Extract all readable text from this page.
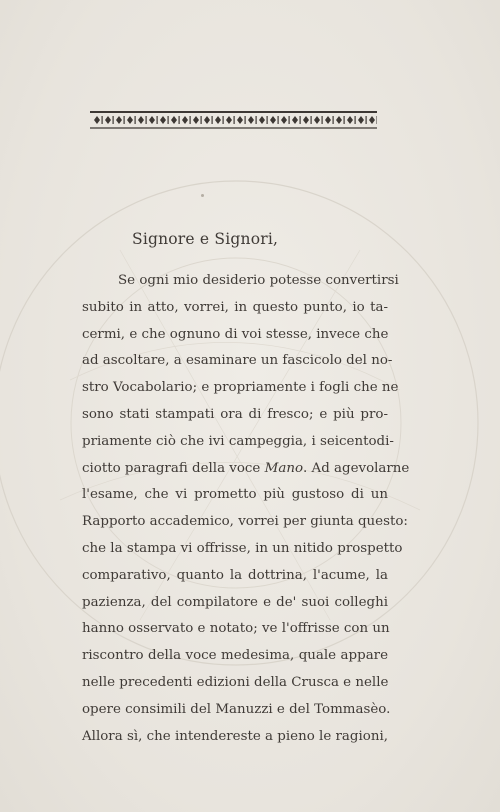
Signore e Signori,
Se ogni mio desiderio potesse convertirsi
subito in atto, vorrei, in questo punto, io ta-
cermi, e che ognuno di voi stesse, invece che
ad ascoltare, a esaminare un fascicolo del no-
stro Vocabolario; e propriamente i fogli che ne
sono stati stampati ora di fresco; e più pro-
priamente ciò che ivi campeggia, i seicentodi-
ciotto paragrafi della voce Mano. Ad agevolarne
l'esame, che vi prometto più gustoso di un
Rapporto accademico, vorrei per giunta questo:
che la stampa vi offrisse, in un nitido prospetto
comparativo, quanto la dottrina, l'acume, la
pazienza, del compilatore e de' suoi colleghi
hanno osservato e notato; ve l'offrisse con un
riscontro della voce medesima, quale appare
nelle precedenti edizioni della Crusca e nelle
opere consimili del Manuzzi e del Tommasèo.
Allora sì, che intendereste a pieno le ragioni,
